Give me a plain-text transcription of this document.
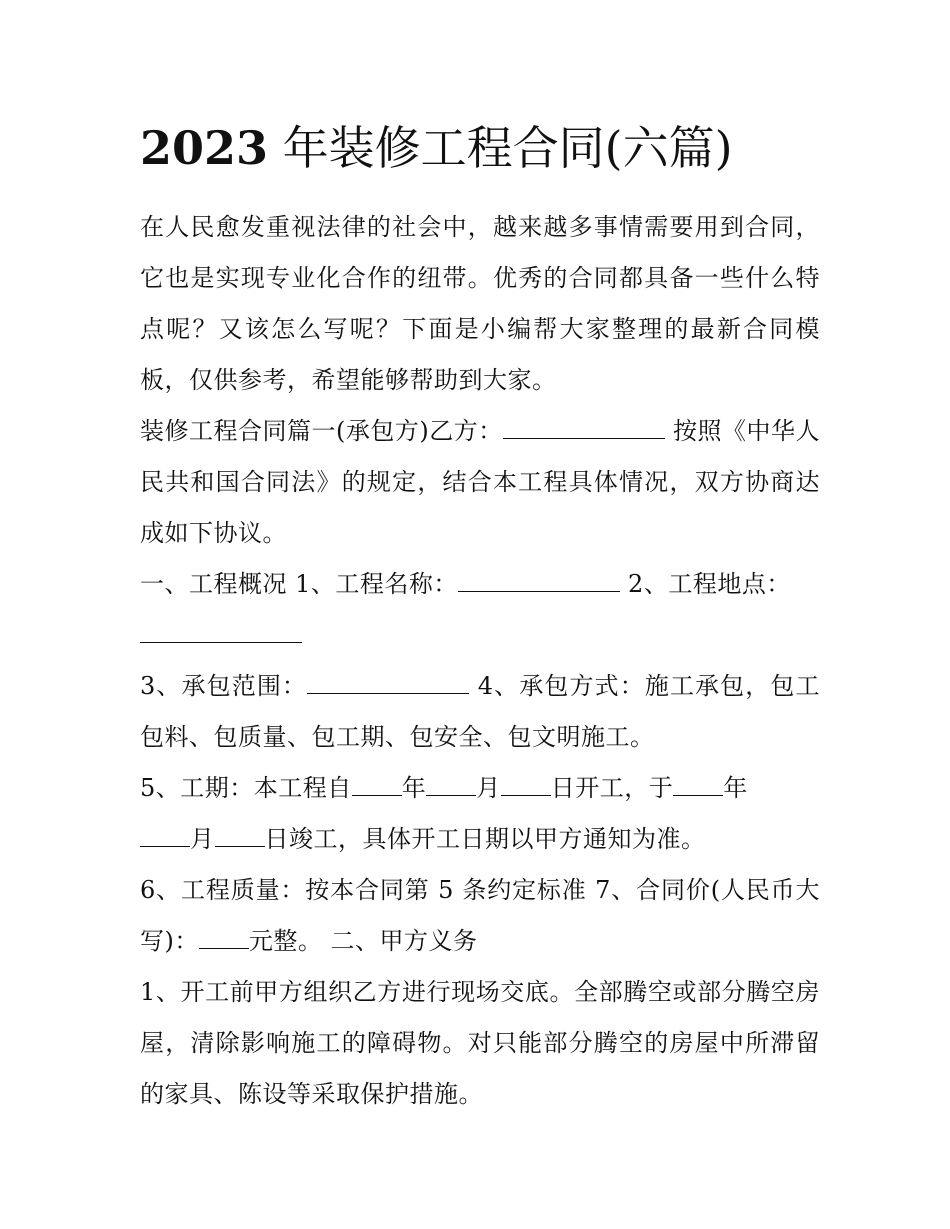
2023 年装修工程合同(六篇)

在人民愈发重视法律的社会中，越来越多事情需要用到合同，它也是实现专业化合作的纽带。优秀的合同都具备一些什么特点呢？又该怎么写呢？下面是小编帮大家整理的最新合同模板，仅供参考，希望能够帮助到大家。

装修工程合同篇一(承包方)乙方：	按照《中华人民共和国合同法》的规定，结合本工程具体情况，双方协商达成如下协议。

一、工程概况 1、工程名称：	2、工程地点：

3、承包范围：	4、承包方式：施工承包，包工包料、包质量、包工期、包安全、包文明施工。

5、工期：本工程自 年 月 日开工，于 年
月 日竣工，具体开工日期以甲方通知为准。

6、工程质量：按本合同第 5 条约定标准 7、合同价(人民币大写)： 元整。 二、甲方义务

1、开工前甲方组织乙方进行现场交底。全部腾空或部分腾空房屋，清除影响施工的障碍物。对只能部分腾空的房屋中所滞留的家具、陈设等采取保护措施。
